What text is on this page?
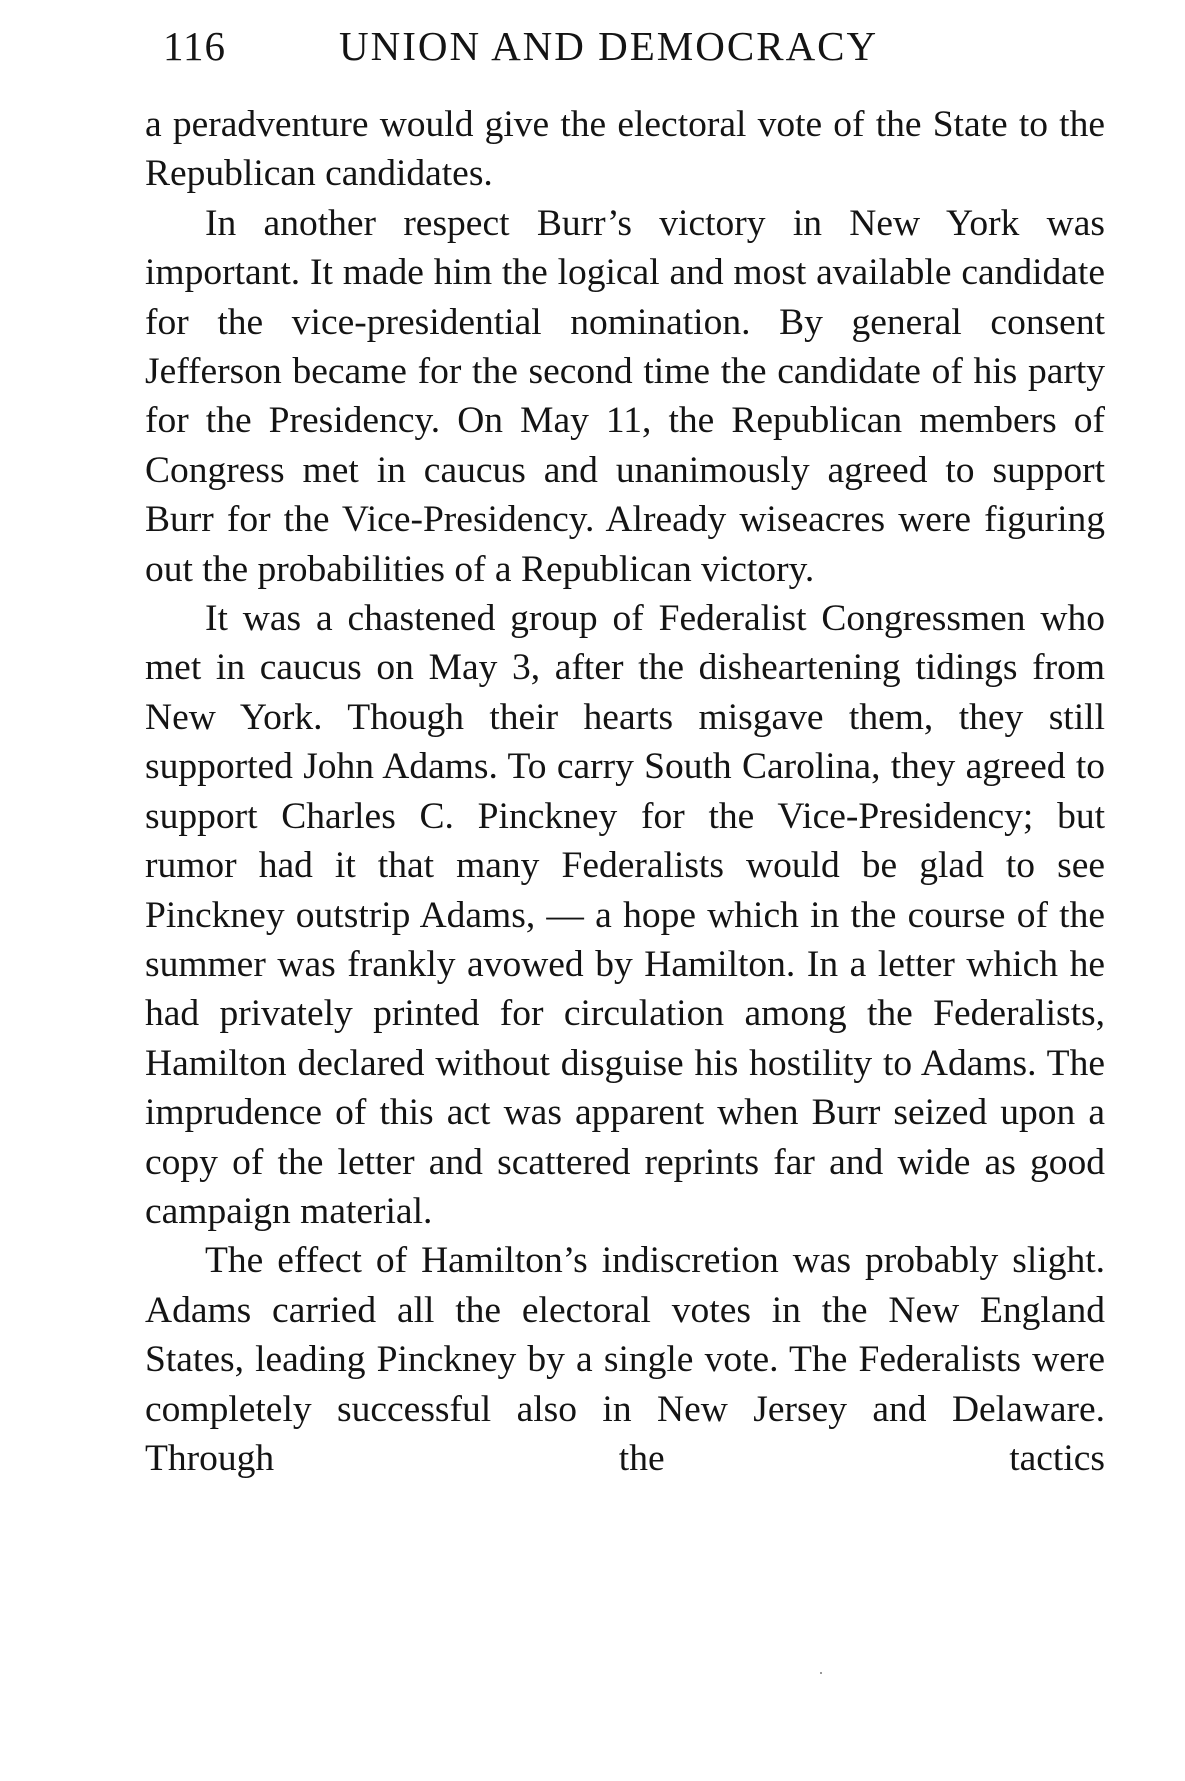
116	UNION AND DEMOCRACY

a peradventure would give the electoral vote of the State to the Republican candidates.

In another respect Burr’s victory in New York was important. It made him the logical and most available candidate for the vice-presidential nomination. By general consent Jefferson became for the second time the candidate of his party for the Presidency. On May 11, the Republican members of Congress met in caucus and unanimously agreed to support Burr for the Vice-Presidency. Already wiseacres were figuring out the probabilities of a Republican victory.

It was a chastened group of Federalist Congressmen who met in caucus on May 3, after the disheartening tidings from New York. Though their hearts misgave them, they still supported John Adams. To carry South Carolina, they agreed to support Charles C. Pinckney for the Vice-Presidency; but rumor had it that many Federalists would be glad to see Pinckney outstrip Adams, — a hope which in the course of the summer was frankly avowed by Hamilton. In a letter which he had privately printed for circulation among the Federalists, Hamilton declared without disguise his hostility to Adams. The imprudence of this act was apparent when Burr seized upon a copy of the letter and scattered reprints far and wide as good campaign material.

The effect of Hamilton’s indiscretion was probably slight. Adams carried all the electoral votes in the New England States, leading Pinckney by a single vote. The Federalists were completely successful also in New Jersey and Delaware. Through the tactics
